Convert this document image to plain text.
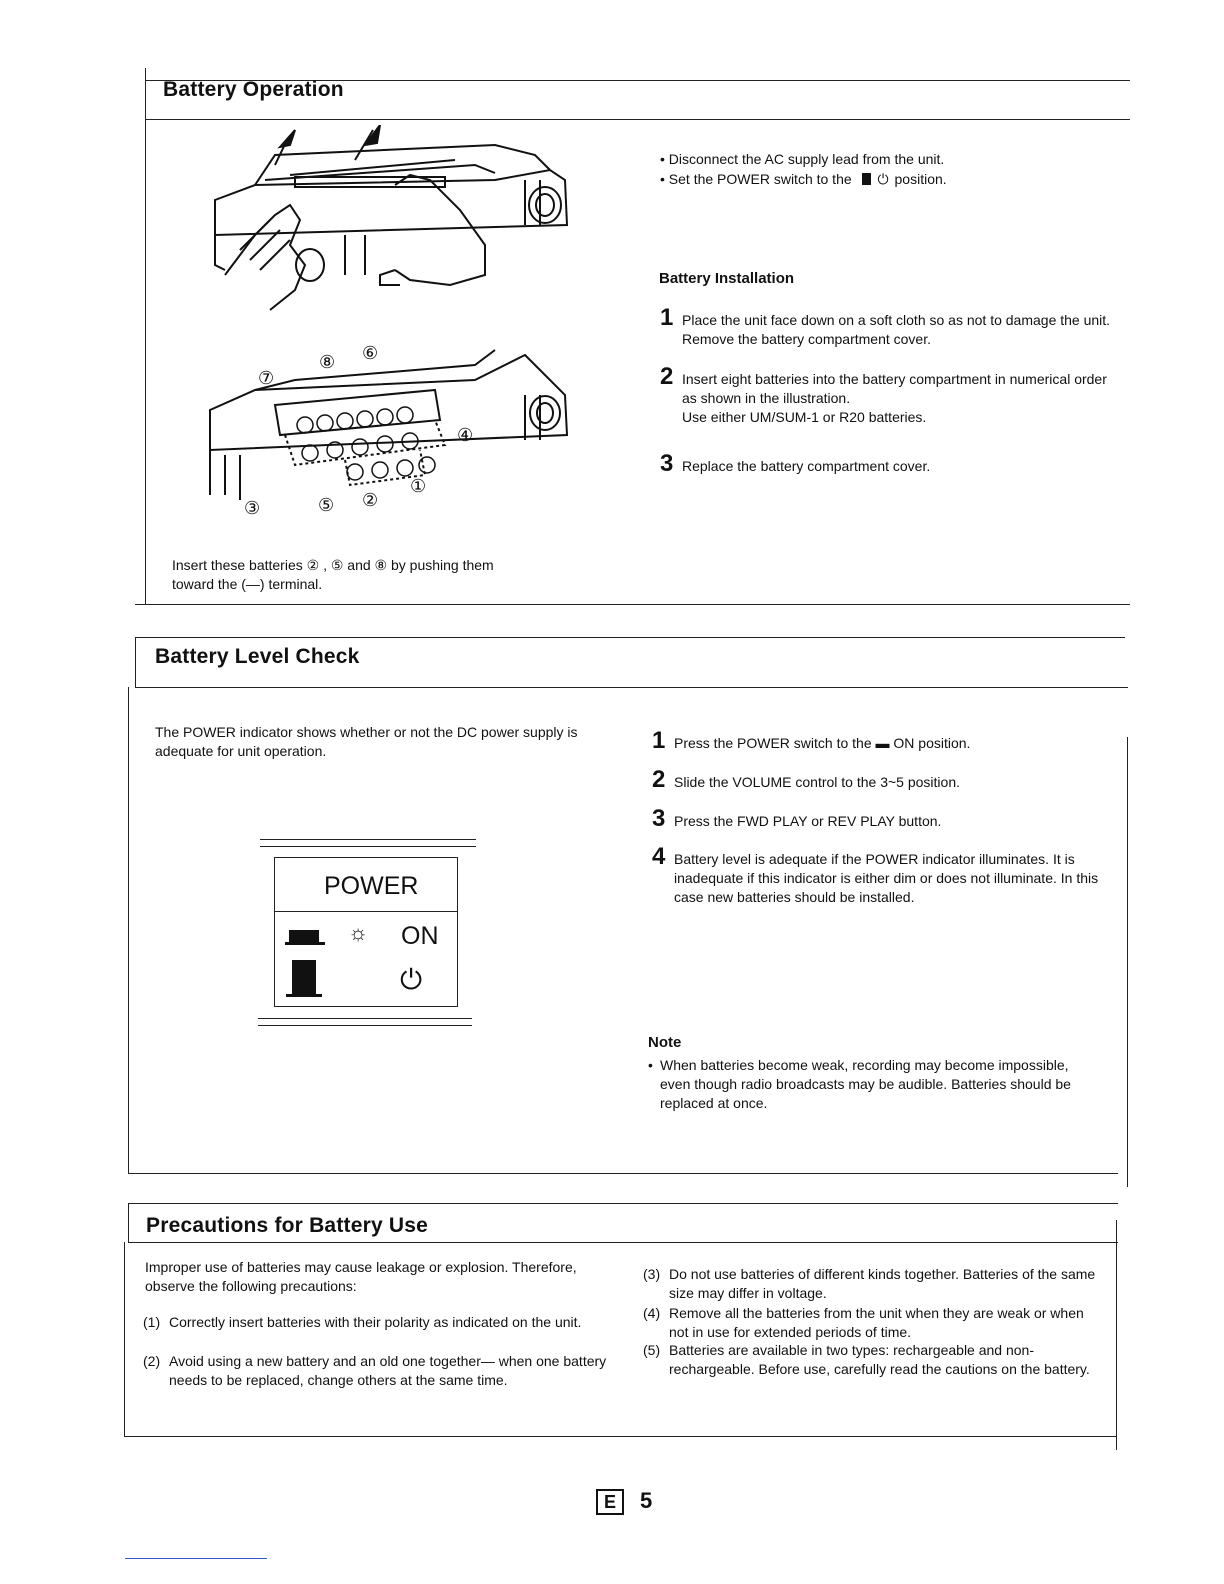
Battery Operation
⑥
⑧
⑦
④
③	⑤ ②
①
Insert these batteries ② , ⑤ and ⑧ by pushing them
toward the (—) terminal.
• Disconnect the AC supply lead from the unit.
• Set the POWER switch to the ⏻ position.
Battery Installation
1 Place the unit face down on a soft cloth so as not to damage the unit. Remove the battery compartment cover.
2 Insert eight batteries into the battery compartment in numerical order as shown in the illustration.
Use either UM/SUM-1 or R20 batteries.
3 Replace the battery compartment cover.
Battery Level Check
The POWER indicator shows whether or not the DC power supply is adequate for unit operation.
POWER
☼ ON
⏻
1 Press the POWER switch to the ▬ ON position.
2 Slide the VOLUME control to the 3~5 position.
3 Press the FWD PLAY or REV PLAY button.
4 Battery level is adequate if the POWER indicator illuminates. It is inadequate if this indicator is either dim or does not illuminate. In this case new batteries should be installed.
Note
• When batteries become weak, recording may become impossible, even though radio broadcasts may be audible. Batteries should be replaced at once.
Precautions for Battery Use
Improper use of batteries may cause leakage or explosion. Therefore, observe the following precautions:
(1) Correctly insert batteries with their polarity as indicated on the unit.
(2) Avoid using a new battery and an old one together— when one battery needs to be replaced, change others at the same time.
(3) Do not use batteries of different kinds together. Batteries of the same size may differ in voltage.
(4) Remove all the batteries from the unit when they are weak or when not in use for extended periods of time.
(5) Batteries are available in two types: rechargeable and non-rechargeable. Before use, carefully read the cautions on the battery.
E	5
